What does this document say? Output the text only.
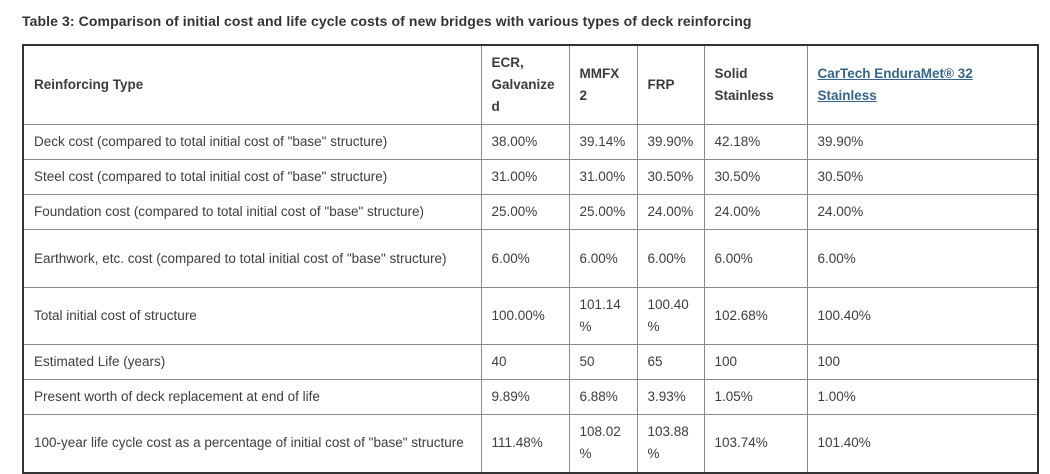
Table 3: Comparison of initial cost and life cycle costs of new bridges with various types of deck reinforcing

Reinforcing Type	ECR, Galvanized	MMFX 2	FRP	Solid Stainless	CarTech EnduraMet® 32 Stainless
Deck cost (compared to total initial cost of "base" structure)	38.00%	39.14%	39.90%	42.18%	39.90%
Steel cost (compared to total initial cost of "base" structure)	31.00%	31.00%	30.50%	30.50%	30.50%
Foundation cost (compared to total initial cost of "base" structure)	25.00%	25.00%	24.00%	24.00%	24.00%
Earthwork, etc. cost (compared to total initial cost of "base" structure)	6.00%	6.00%	6.00%	6.00%	6.00%
Total initial cost of structure	100.00%	101.14%	100.40%	102.68%	100.40%
Estimated Life (years)	40	50	65	100	100
Present worth of deck replacement at end of life	9.89%	6.88%	3.93%	1.05%	1.00%
100-year life cycle cost as a percentage of initial cost of "base" structure	111.48%	108.02%	103.88%	103.74%	101.40%
